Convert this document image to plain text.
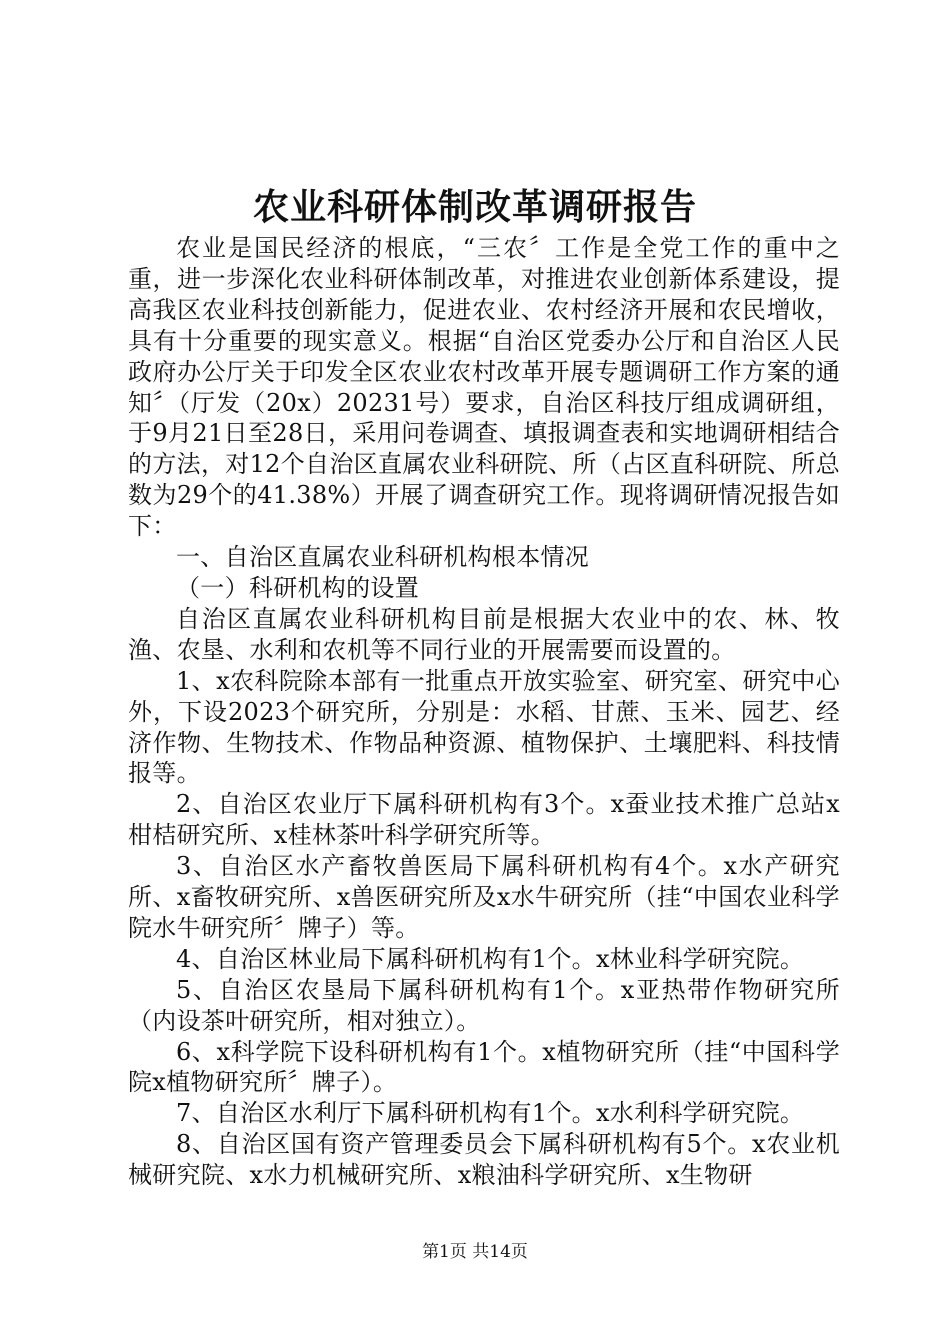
农业科研体制改革调研报告

农业是国民经济的根底，“三农〞工作是全党工作的重中之重，进一步深化农业科研体制改革，对推进农业创新体系建设，提高我区农业科技创新能力，促进农业、农村经济开展和农民增收，具有十分重要的现实意义。根据“自治区党委办公厅和自治区人民政府办公厅关于印发全区农业农村改革开展专题调研工作方案的通知〞（厅发（20x）20231号）要求，自治区科技厅组成调研组，于9月21日至28日，采用问卷调查、填报调查表和实地调研相结合的方法，对12个自治区直属农业科研院、所（占区直科研院、所总数为29个的41.38%）开展了调查研究工作。现将调研情况报告如下：

一、自治区直属农业科研机构根本情况

（一）科研机构的设置

自治区直属农业科研机构目前是根据大农业中的农、林、牧渔、农垦、水利和农机等不同行业的开展需要而设置的。

1、x农科院除本部有一批重点开放实验室、研究室、研究中心外，下设2023个研究所，分别是：水稻、甘蔗、玉米、园艺、经济作物、生物技术、作物品种资源、植物保护、土壤肥料、科技情报等。

2、自治区农业厅下属科研机构有3个。x蚕业技术推广总站x柑桔研究所、x桂林茶叶科学研究所等。

3、自治区水产畜牧兽医局下属科研机构有4个。x水产研究所、x畜牧研究所、x兽医研究所及x水牛研究所（挂“中国农业科学院水牛研究所〞牌子）等。

4、自治区林业局下属科研机构有1个。x林业科学研究院。

5、自治区农垦局下属科研机构有1个。x亚热带作物研究所（内设茶叶研究所，相对独立）。

6、x科学院下设科研机构有1个。x植物研究所（挂“中国科学院x植物研究所〞牌子）。

7、自治区水利厅下属科研机构有1个。x水利科学研究院。

8、自治区国有资产管理委员会下属科研机构有5个。x农业机械研究院、x水力机械研究所、x粮油科学研究所、x生物研

第1页 共14页
